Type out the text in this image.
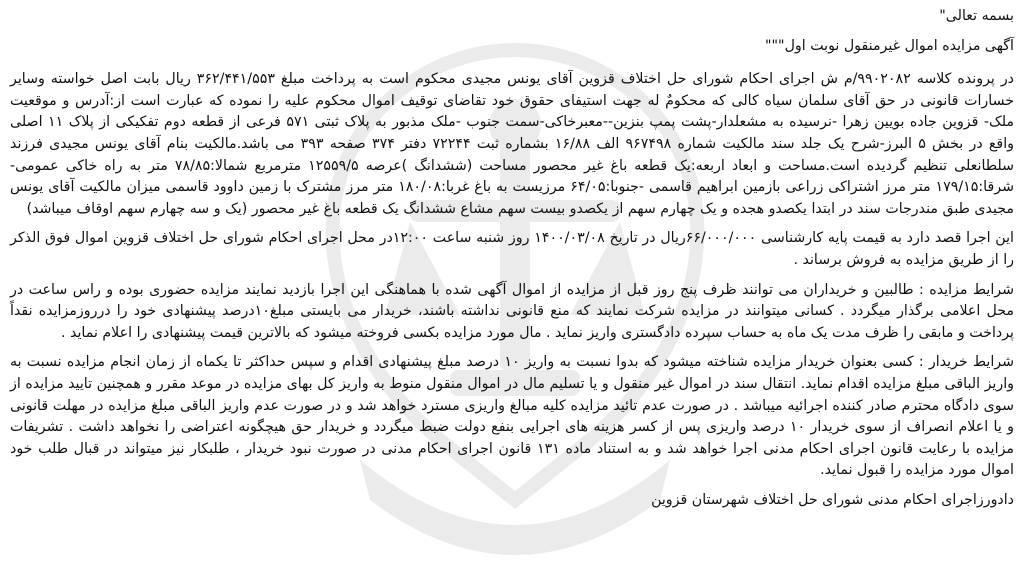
بسمه تعالی"

آگهی مزایده اموال غیرمنقول نوبت اول"""

در پرونده کلاسه ۹۹۰۲۰۸۲/م ش اجرای احکام شورای حل اختلاف قزوین آقای یونس مجیدی محکوم است به پرداخت مبلغ ۳۶۲/۴۴۱/۵۵۳ ریال بابت اصل خواسته وسایر خسارات قانونی در حق آقای سلمان سیاه کالی که محکومٌ له جهت استیفای حقوق خود تقاضای توقیف اموال محکوم علیه را نموده که عبارت است از:آدرس و موقعیت ملک- قزوین جاده بویین زهرا -نرسیده به مشعلدار-پشت پمپ بنزین--معبرخاکی-سمت جنوب -ملک مذبور به پلاک ثبتی ۵۷۱ فرعی از قطعه دوم تفکیکی از پلاک ۱۱ اصلی واقع در بخش ۵ البرز-شرح یک جلد سند مالکیت شماره ۹۶۷۴۹۸ الف ۱۶/۸۸ بشماره ثبت ۷۲۲۴۴ دفتر ۳۷۴ صفحه ۳۹۳ می باشد.مالکیت بنام آقای یونس مجیدی فرزند سلطانعلی تنظیم گردیده است.مساحت و ابعاد اربعه:یک قطعه باغ غیر محصور مساحت (ششدانگ )عرصه ۱۲۵۵۹/۵ مترمربع شمالا:۷۸/۸۵ متر به راه خاکی عمومی-شرقا:۱۷۹/۱۵ متر مرز اشتراکی زراعی بازمین ابراهیم قاسمی -جنوبا:۶۴/۰۵ مرزیست به باغ غربا:۱۸۰/۰۸ متر مرز مشترک با زمین داوود قاسمی میزان مالکیت آقای یونس مجیدی طبق مندرجات سند در ابتدا یکصدو هجده و یک چهارم سهم از یکصدو بیست سهم مشاع ششدانگ یک قطعه باغ غیر محصور (یک و سه چهارم سهم اوقاف میباشد)

این اجرا قصد دارد به قیمت پایه کارشناسی ۶۶/۰۰۰/۰۰۰ریال در تاریخ ۱۴۰۰/۰۳/۰۸ روز شنبه ساعت ۱۲:۰۰در محل اجرای احکام شورای حل اختلاف قزوین اموال فوق الذکر را از طریق مزایده به فروش برساند .

شرایط مزایده : طالبین و خریداران می توانند ظرف پنج روز قبل از مزایده از اموال آگهی شده با هماهنگی این اجرا بازدید نمایند مزایده حضوری بوده و راس ساعت در محل اعلامی برگذار میگردد . کسانی میتوانند در مزایده شرکت نمایند که منع قانونی نداشته باشند، خریدار می بایستی مبلغ۱۰درصد پیشنهادی خود را درروزمزایده نقداً پرداخت و مابقی را ظرف مدت یک ماه به حساب سپرده دادگستری واریز نماید . مال مورد مزایده بکسی فروخته میشود که بالاترین قیمت پیشنهادی را اعلام نماید .

شرایط خریدار : کسی بعنوان خریدار مزایده شناخته میشود که بدوا نسبت به واریز ۱۰ درصد مبلغ پیشنهادی اقدام و سپس حداکثر تا یکماه از زمان انجام مزایده نسبت به واریز الباقی مبلغ مزایده اقدام نماید. انتقال سند در اموال غیر منقول و یا تسلیم مال در اموال منقول منوط به واریز کل بهای مزایده در موعد مقرر و همچنین تایید مزایده از سوی دادگاه محترم صادر کننده اجرائیه میباشد . در صورت عدم تائید مزایده کلیه مبالغ واریزی مسترد خواهد شد و در صورت عدم واریز الباقی مبلغ مزایده در مهلت قانونی و یا اعلام انصراف از سوی خریدار ۱۰ درصد واریزی پس از کسر هزینه های اجرایی بنفع دولت ضبط میگردد و خریدار حق هیچگونه اعتراضی را نخواهد داشت . تشریفات مزایده با رعایت قانون اجرای احکام مدنی اجرا خواهد شد و به استناد ماده ۱۳۱ قانون اجرای احکام مدنی در صورت نبود خریدار ، طلبکار نیز میتواند در قبال طلب خود اموال مورد مزایده را قبول نماید.

دادورزاجرای احکام مدنی شورای حل اختلاف شهرستان قزوین
